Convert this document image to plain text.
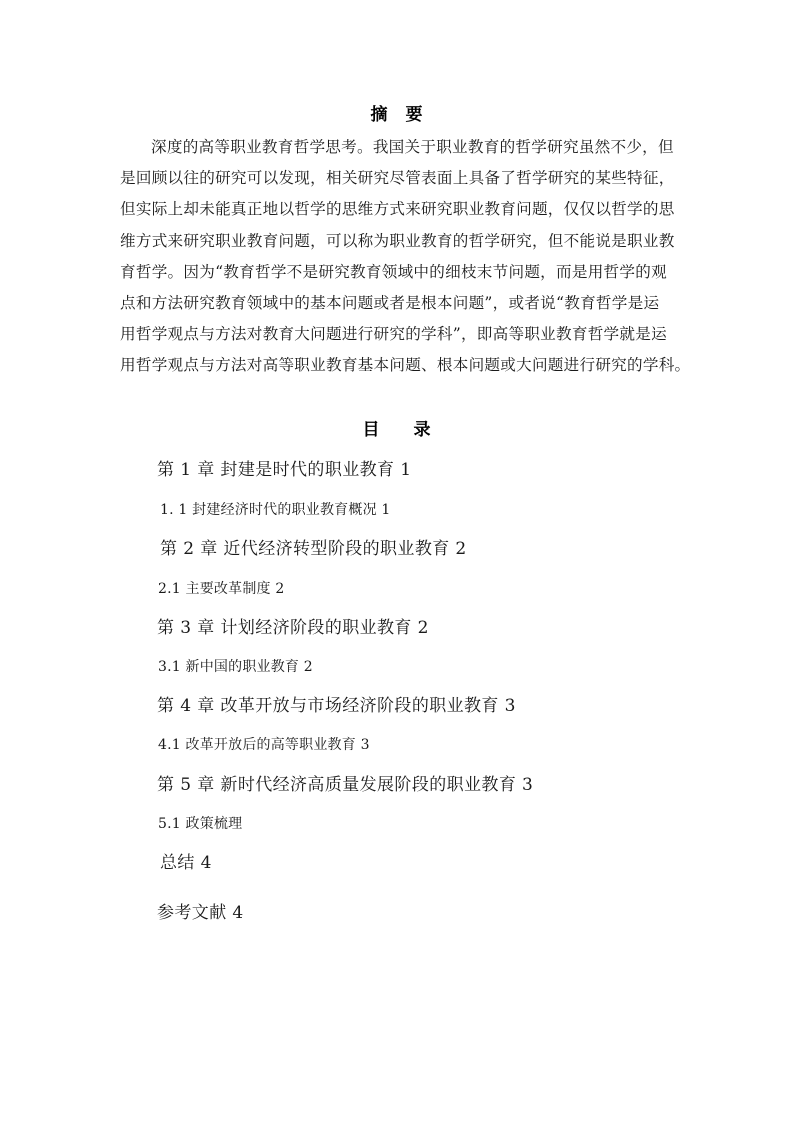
摘 要
深度的高等职业教育哲学思考。我国关于职业教育的哲学研究虽然不少，但
是回顾以往的研究可以发现，相关研究尽管表面上具备了哲学研究的某些特征，
但实际上却未能真正地以哲学的思维方式来研究职业教育问题，仅仅以哲学的思
维方式来研究职业教育问题，可以称为职业教育的哲学研究，但不能说是职业教
育哲学。因为“教育哲学不是研究教育领域中的细枝末节问题，而是用哲学的观
点和方法研究教育领域中的基本问题或者是根本问题”，或者说“教育哲学是运
用哲学观点与方法对教育大问题进行研究的学科”，即高等职业教育哲学就是运
用哲学观点与方法对高等职业教育基本问题、根本问题或大问题进行研究的学科。
目 录
第 1 章 封建是时代的职业教育 1
1. 1 封建经济时代的职业教育概况 1
第 2 章 近代经济转型阶段的职业教育 2
2.1 主要改革制度 2
第 3 章 计划经济阶段的职业教育 2
3.1 新中国的职业教育 2
第 4 章 改革开放与市场经济阶段的职业教育 3
4.1 改革开放后的高等职业教育 3
第 5 章 新时代经济高质量发展阶段的职业教育 3
5.1 政策梳理
总结 4
参考文献 4
